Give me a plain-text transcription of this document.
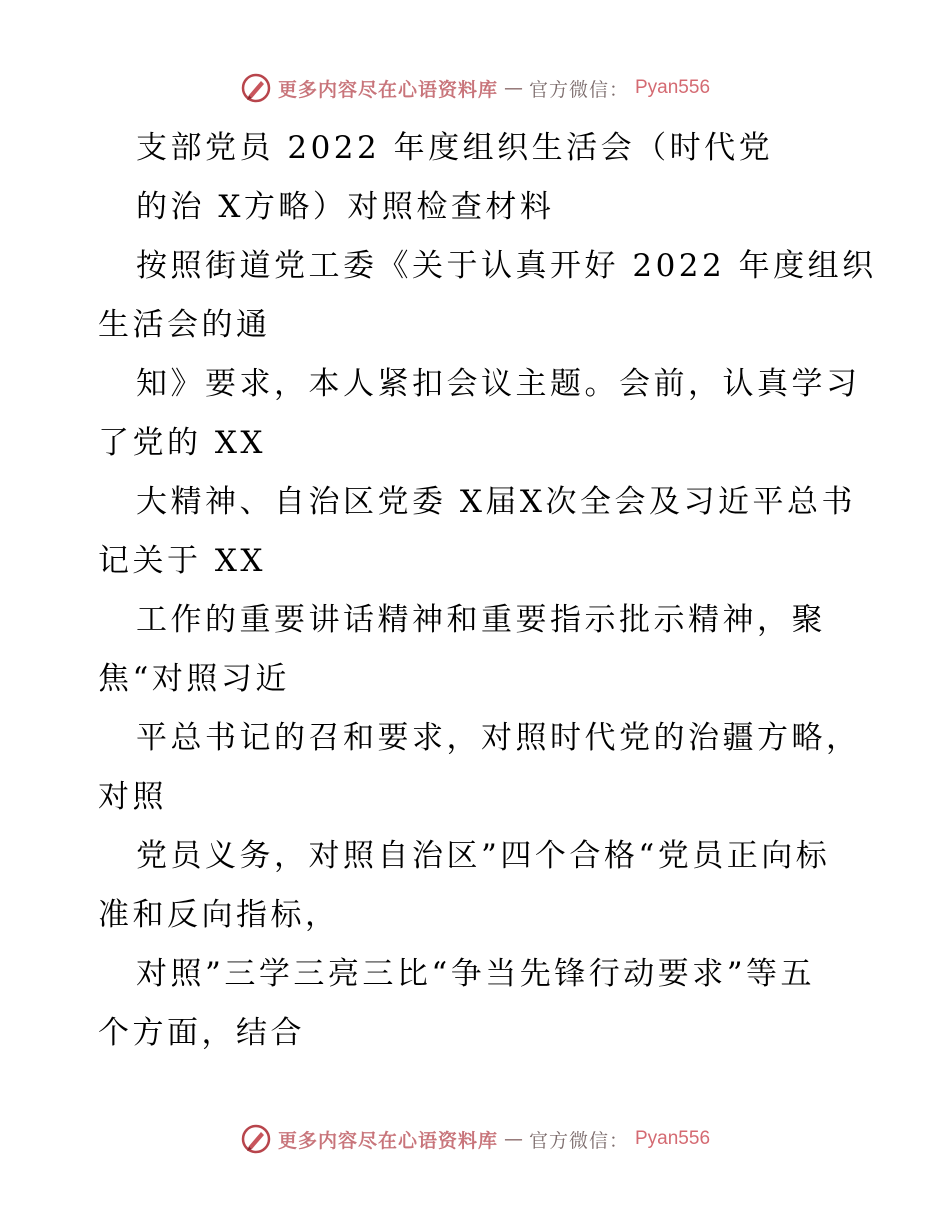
更多内容尽在心语资料库 — 官方微信： Pyan556
支部党员 2022 年度组织生活会（时代党
的治 X方略）对照检查材料
按照街道党工委《关于认真开好 2022 年度组织
生活会的通
知》要求，本人紧扣会议主题。会前，认真学习
了党的 XX
大精神、自治区党委 X届X次全会及习近平总书
记关于 XX
工作的重要讲话精神和重要指示批示精神，聚
焦“对照习近
平总书记的召和要求，对照时代党的治疆方略，
对照
党员义务，对照自治区”四个合格“党员正向标
准和反向指标，
对照”三学三亮三比“争当先锋行动要求”等五
个方面，结合
更多内容尽在心语资料库 — 官方微信： Pyan556
